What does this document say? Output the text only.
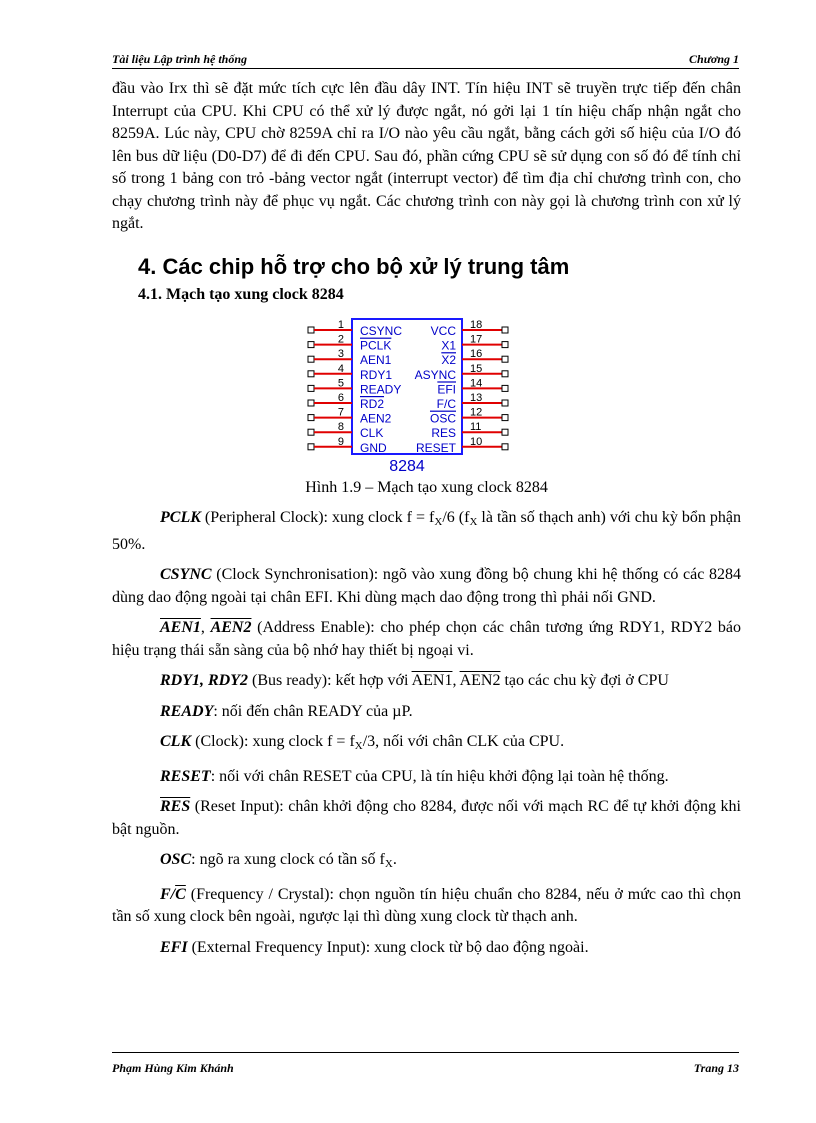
Tài liệu Lập trình hệ thống	Chương 1

đầu vào Irx thì sẽ đặt mức tích cực lên đầu dây INT. Tín hiệu INT sẽ truyền trực tiếp đến chân Interrupt của CPU. Khi CPU có thể xử lý được ngắt, nó gởi lại 1 tín hiệu chấp nhận ngắt cho 8259A. Lúc này, CPU chờ 8259A chỉ ra I/O nào yêu cầu ngắt, bằng cách gởi số hiệu của I/O đó lên bus dữ liệu (D0-D7) để đi đến CPU. Sau đó, phần cứng CPU sẽ sử dụng con số đó để tính chỉ số trong 1 bảng con trỏ -bảng vector ngắt (interrupt vector) để tìm địa chỉ chương trình con, cho chạy chương trình này để phục vụ ngắt. Các chương trình con này gọi là chương trình con xử lý ngắt.

4. Các chip hỗ trợ cho bộ xử lý trung tâm
4.1. Mạch tạo xung clock 8284
1 CSYNC
2 PCLK
3 AEN1
4 RDY1
5 READY
6 RD2
7 AEN2
8 CLK
9 GND
18
VCC
17
X1
16
X2
15
ASYNC
14
EFI
13
F/C
12
OSC
11
RES
10
RESET
8284
Hình 1.9 – Mạch tạo xung clock 8284

PCLK (Peripheral Clock): xung clock $f = f_X/6$ ($f_X$ là tần số thạch anh) với chu kỳ bổn phận 50%.

CSYNC (Clock Synchronisation): ngõ vào xung đồng bộ chung khi hệ thống có các 8284 dùng dao động ngoài tại chân EFI. Khi dùng mạch dao động trong thì phải nối GND.

AEN1, AEN2 (Address Enable): cho phép chọn các chân tương ứng RDY1, RDY2 báo hiệu trạng thái sẵn sàng của bộ nhớ hay thiết bị ngoại vi.

RDY1, RDY2 (Bus ready): kết hợp với AEN1, AEN2 tạo các chu kỳ đợi ở CPU

READY: nối đến chân READY của µP.

CLK (Clock): xung clock $f = f_X/3$, nối với chân CLK của CPU.

RESET: nối với chân RESET của CPU, là tín hiệu khởi động lại toàn hệ thống.

$\overline{RES}$ (Reset Input): chân khởi động cho 8284, được nối với mạch RC để tự khởi động khi bật nguồn.

OSC: ngõ ra xung clock có tần số $f_X$.

$F/\overline{C}$ (Frequency / Crystal): chọn nguồn tín hiệu chuẩn cho 8284, nếu ở mức cao thì chọn tần số xung clock bên ngoài, ngược lại thì dùng xung clock từ thạch anh.

EFI (External Frequency Input): xung clock từ bộ dao động ngoài.

Phạm Hùng Kim Khánh	Trang 13
